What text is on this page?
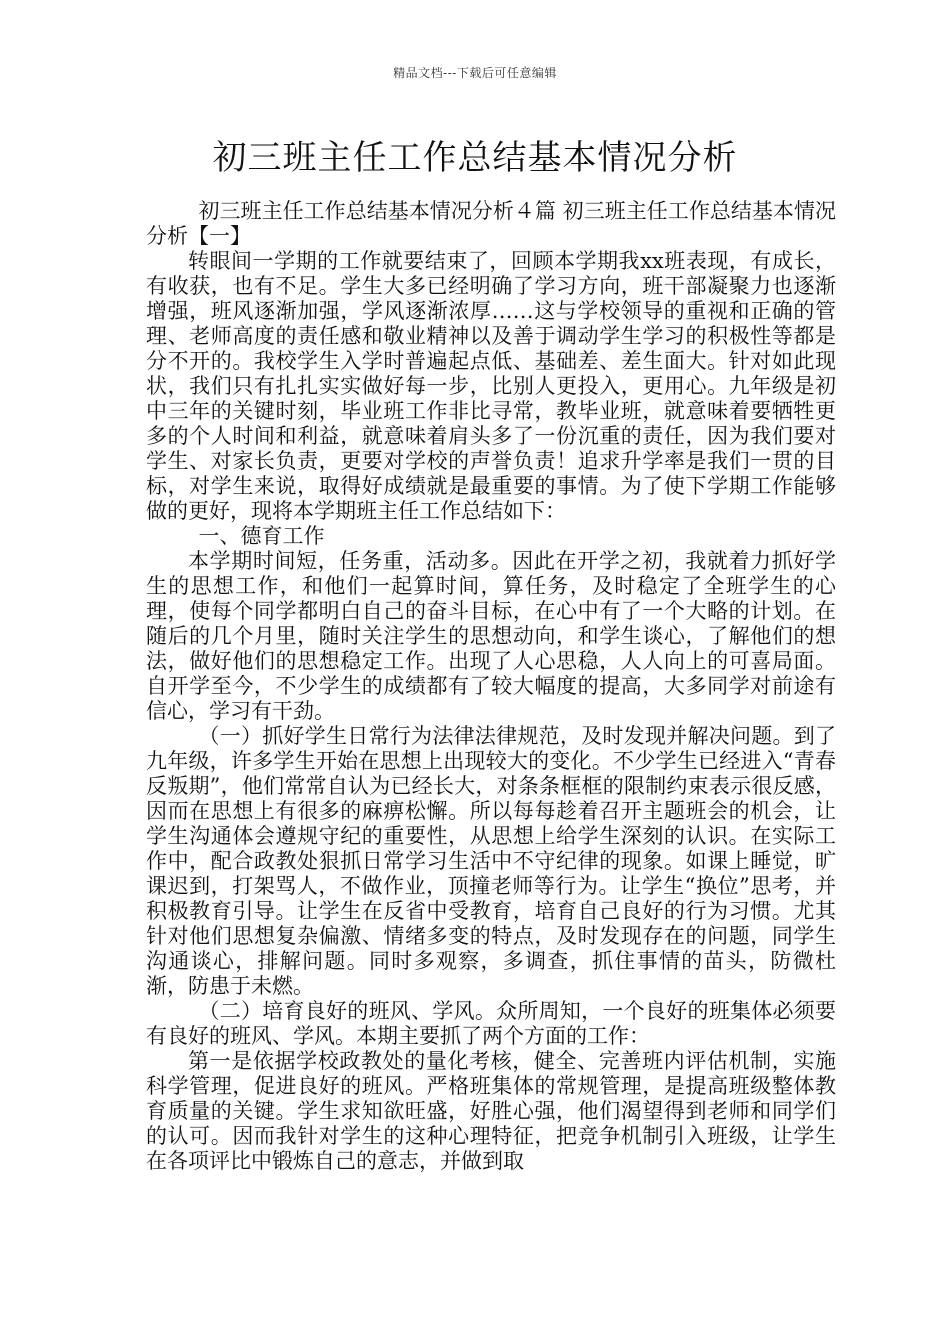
精品文档---下载后可任意编辑
初三班主任工作总结基本情况分析

初三班主任工作总结基本情况分析４篇 初三班主任工作总结基本情况分析【一】

转眼间一学期的工作就要结束了，回顾本学期我xx班表现，有成长，有收获，也有不足。学生大多已经明确了学习方向，班干部凝聚力也逐渐增强，班风逐渐加强，学风逐渐浓厚……这与学校领导的重视和正确的管理、老师高度的责任感和敬业精神以及善于调动学生学习的积极性等都是分不开的。我校学生入学时普遍起点低、基础差、差生面大。针对如此现状，我们只有扎扎实实做好每一步，比别人更投入，更用心。九年级是初中三年的关键时刻，毕业班工作非比寻常，教毕业班，就意味着要牺牲更多的个人时间和利益，就意味着肩头多了一份沉重的责任，因为我们要对学生、对家长负责，更要对学校的声誉负责！追求升学率是我们一贯的目标，对学生来说，取得好成绩就是最重要的事情。为了使下学期工作能够做的更好，现将本学期班主任工作总结如下：

一、德育工作

本学期时间短，任务重，活动多。因此在开学之初，我就着力抓好学生的思想工作，和他们一起算时间，算任务，及时稳定了全班学生的心理，使每个同学都明白自己的奋斗目标，在心中有了一个大略的计划。在随后的几个月里，随时关注学生的思想动向，和学生谈心，了解他们的想法，做好他们的思想稳定工作。出现了人心思稳，人人向上的可喜局面。自开学至今，不少学生的成绩都有了较大幅度的提高，大多同学对前途有信心，学习有干劲。

（一）抓好学生日常行为法律法律规范，及时发现并解决问题。到了九年级，许多学生开始在思想上出现较大的变化。不少学生已经进入“青春反叛期”，他们常常自认为已经长大，对条条框框的限制约束表示很反感，因而在思想上有很多的麻痹松懈。所以每每趁着召开主题班会的机会，让学生沟通体会遵规守纪的重要性，从思想上给学生深刻的认识。在实际工作中，配合政教处狠抓日常学习生活中不守纪律的现象。如课上睡觉，旷课迟到，打架骂人，不做作业，顶撞老师等行为。让学生“换位”思考，并积极教育引导。让学生在反省中受教育，培育自己良好的行为习惯。尤其针对他们思想复杂偏激、情绪多变的特点，及时发现存在的问题，同学生沟通谈心，排解问题。同时多观察，多调查，抓住事情的苗头，防微杜渐，防患于未燃。

（二）培育良好的班风、学风。众所周知，一个良好的班集体必须要有良好的班风、学风。本期主要抓了两个方面的工作：

第一是依据学校政教处的量化考核，健全、完善班内评估机制，实施科学管理，促进良好的班风。严格班集体的常规管理，是提高班级整体教育质量的关键。学生求知欲旺盛，好胜心强，他们渴望得到老师和同学们的认可。因而我针对学生的这种心理特征，把竞争机制引入班级，让学生在各项评比中锻炼自己的意志，并做到取
